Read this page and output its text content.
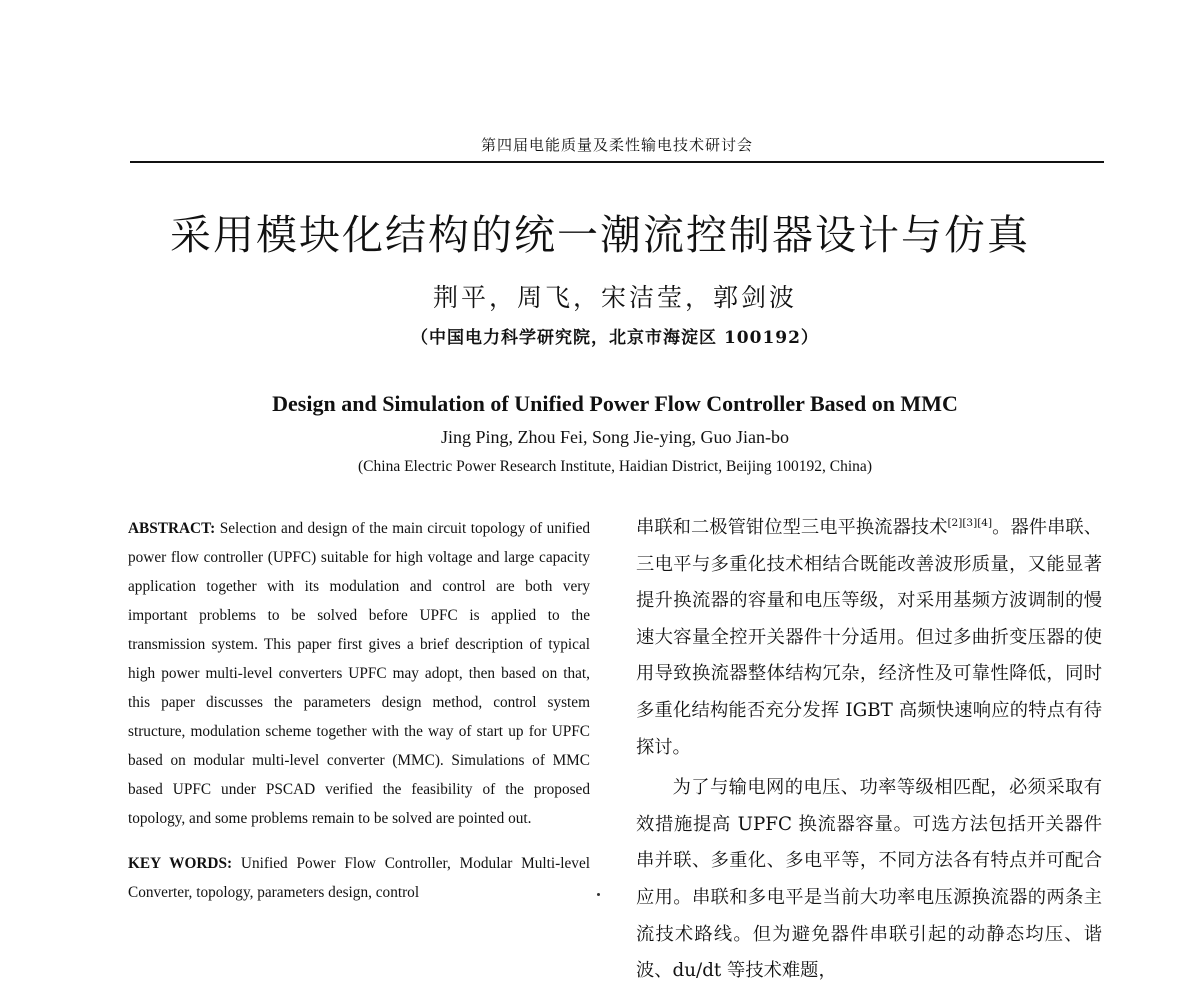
第四届电能质量及柔性输电技术研讨会
采用模块化结构的统一潮流控制器设计与仿真
荆平，周飞，宋洁莹，郭剑波
（中国电力科学研究院，北京市海淀区 100192）
Design and Simulation of Unified Power Flow Controller Based on MMC
Jing Ping, Zhou Fei, Song Jie-ying, Guo Jian-bo
(China Electric Power Research Institute, Haidian District, Beijing 100192, China)

ABSTRACT: Selection and design of the main circuit topology of unified power flow controller (UPFC) suitable for high voltage and large capacity application together with its modulation and control are both very important problems to be solved before UPFC is applied to the transmission system. This paper first gives a brief description of typical high power multi-level converters UPFC may adopt, then based on that, this paper discusses the parameters design method, control system structure, modulation scheme together with the way of start up for UPFC based on modular multi-level converter (MMC). Simulations of MMC based UPFC under PSCAD verified the feasibility of the proposed topology, and some problems remain to be solved are pointed out.

KEY WORDS: Unified Power Flow Controller, Modular Multi-level Converter, topology, parameters design, control

串联和二极管钳位型三电平换流器技术[2][3][4]。器件串联、三电平与多重化技术相结合既能改善波形质量，又能显著提升换流器的容量和电压等级，对采用基频方波调制的慢速大容量全控开关器件十分适用。但过多曲折变压器的使用导致换流器整体结构冗杂，经济性及可靠性降低，同时多重化结构能否充分发挥 IGBT 高频快速响应的特点有待探讨。

为了与输电网的电压、功率等级相匹配，必须采取有效措施提高 UPFC 换流器容量。可选方法包括开关器件串并联、多重化、多电平等，不同方法各有特点并可配合应用。串联和多电平是当前大功率电压源换流器的两条主流技术路线。但为避免器件串联引起的动静态均压、谐波、du/dt 等技术难题，
